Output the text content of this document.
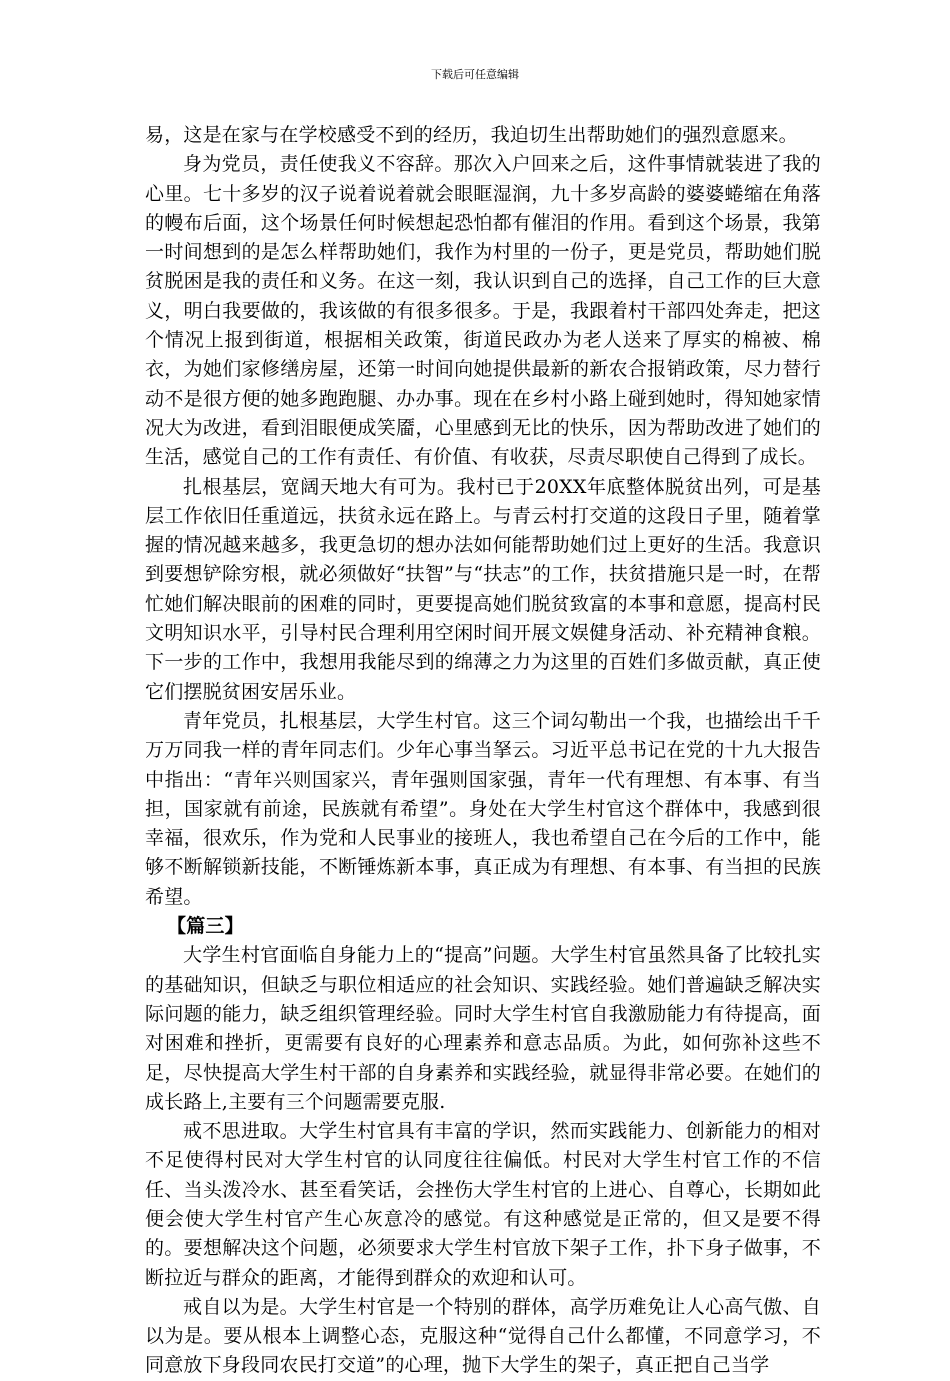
下载后可任意编辑

易，这是在家与在学校感受不到的经历，我迫切生出帮助她们的强烈意愿来。

身为党员，责任使我义不容辞。那次入户回来之后，这件事情就装进了我的心里。七十多岁的汉子说着说着就会眼眶湿润，九十多岁高龄的婆婆蜷缩在角落的幔布后面，这个场景任何时候想起恐怕都有催泪的作用。看到这个场景，我第一时间想到的是怎么样帮助她们，我作为村里的一份子，更是党员，帮助她们脱贫脱困是我的责任和义务。在这一刻，我认识到自己的选择，自己工作的巨大意义，明白我要做的，我该做的有很多很多。于是，我跟着村干部四处奔走，把这个情况上报到街道，根据相关政策，街道民政办为老人送来了厚实的棉被、棉衣，为她们家修缮房屋，还第一时间向她提供最新的新农合报销政策，尽力替行动不是很方便的她多跑跑腿、办办事。现在在乡村小路上碰到她时，得知她家情况大为改进，看到泪眼便成笑靥，心里感到无比的快乐，因为帮助改进了她们的生活，感觉自己的工作有责任、有价值、有收获，尽责尽职使自己得到了成长。

扎根基层，宽阔天地大有可为。我村已于20XX年底整体脱贫出列，可是基层工作依旧任重道远，扶贫永远在路上。与青云村打交道的这段日子里，随着掌握的情况越来越多，我更急切的想办法如何能帮助她们过上更好的生活。我意识到要想铲除穷根，就必须做好“扶智”与“扶志”的工作，扶贫措施只是一时，在帮忙她们解决眼前的困难的同时，更要提高她们脱贫致富的本事和意愿，提高村民文明知识水平，引导村民合理利用空闲时间开展文娱健身活动、补充精神食粮。下一步的工作中，我想用我能尽到的绵薄之力为这里的百姓们多做贡献，真正使它们摆脱贫困安居乐业。

青年党员，扎根基层，大学生村官。这三个词勾勒出一个我，也描绘出千千万万同我一样的青年同志们。少年心事当拏云。习近平总书记在党的十九大报告中指出：“青年兴则国家兴，青年强则国家强，青年一代有理想、有本事、有当担，国家就有前途，民族就有希望”。身处在大学生村官这个群体中，我感到很幸福，很欢乐，作为党和人民事业的接班人，我也希望自己在今后的工作中，能够不断解锁新技能，不断锤炼新本事，真正成为有理想、有本事、有当担的民族希望。

【篇三】

大学生村官面临自身能力上的“提高”问题。大学生村官虽然具备了比较扎实的基础知识，但缺乏与职位相适应的社会知识、实践经验。她们普遍缺乏解决实际问题的能力，缺乏组织管理经验。同时大学生村官自我激励能力有待提高，面对困难和挫折，更需要有良好的心理素养和意志品质。为此，如何弥补这些不足，尽快提高大学生村干部的自身素养和实践经验，就显得非常必要。在她们的成长路上,主要有三个问题需要克服.

戒不思进取。大学生村官具有丰富的学识，然而实践能力、创新能力的相对不足使得村民对大学生村官的认同度往往偏低。村民对大学生村官工作的不信任、当头泼冷水、甚至看笑话，会挫伤大学生村官的上进心、自尊心，长期如此便会使大学生村官产生心灰意冷的感觉。有这种感觉是正常的，但又是要不得的。要想解决这个问题，必须要求大学生村官放下架子工作，扑下身子做事，不断拉近与群众的距离，才能得到群众的欢迎和认可。

戒自以为是。大学生村官是一个特别的群体，高学历难免让人心高气傲、自以为是。要从根本上调整心态，克服这种“觉得自己什么都懂，不同意学习，不同意放下身段同农民打交道”的心理，抛下大学生的架子，真正把自己当学
